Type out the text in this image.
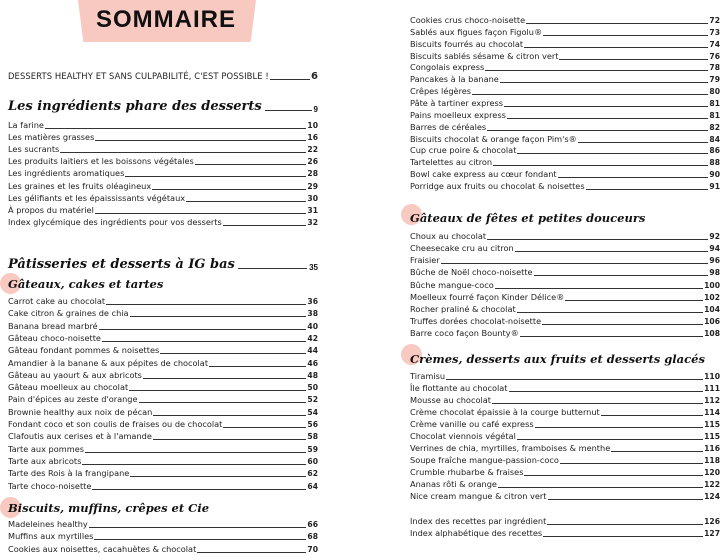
SOMMAIRE
DESSERTS HEALTHY ET SANS CULPABILITÉ, C'EST POSSIBLE !	6
Les ingrédients phare des desserts	9
La farine	10
Les matières grasses	16
Les sucrants	22
Les produits laitiers et les boissons végétales	26
Les ingrédients aromatiques	28
Les graines et les fruits oléagineux	29
Les gélifiants et les épaississants végétaux	30
À propos du matériel	31
Index glycémique des ingrédients pour vos desserts	32
Pâtisseries et desserts à IG bas	35
Gâteaux, cakes et tartes
Carrot cake au chocolat	36
Cake citron & graines de chia	38
Banana bread marbré	40
Gâteau choco-noisette	42
Gâteau fondant pommes & noisettes	44
Amandier à la banane & aux pépites de chocolat	46
Gâteau au yaourt & aux abricots	48
Gâteau moelleux au chocolat	50
Pain d'épices au zeste d'orange	52
Brownie healthy aux noix de pécan	54
Fondant coco et son coulis de fraises ou de chocolat	56
Clafoutis aux cerises et à l'amande	58
Tarte aux pommes	59
Tarte aux abricots	60
Tarte des Rois à la frangipane	62
Tarte choco-noisette	64
Biscuits, muffins, crêpes et Cie
Madeleines healthy	66
Muffins aux myrtilles	68
Cookies aux noisettes, cacahuètes & chocolat	70
Cookies crus choco-noisette	72
Sablés aux figues façon Figolu®	73
Biscuits fourrés au chocolat	74
Biscuits sablés sésame & citron vert	76
Congolais express	78
Pancakes à la banane	79
Crêpes légères	80
Pâte à tartiner express	81
Pains moelleux express	81
Barres de céréales	82
Biscuits chocolat & orange façon Pim's®	84
Cup crue poire & chocolat	86
Tartelettes au citron	88
Bowl cake express au cœur fondant	90
Porridge aux fruits ou chocolat & noisettes	91
Gâteaux de fêtes et petites douceurs
Choux au chocolat	92
Cheesecake cru au citron	94
Fraisier	96
Bûche de Noël choco-noisette	98
Bûche mangue-coco	100
Moelleux fourré façon Kinder Délice®	102
Rocher praliné & chocolat	104
Truffes dorées chocolat-noisette	106
Barre coco façon Bounty®	108
Crèmes, desserts aux fruits et desserts glacés
Tiramisu	110
Île flottante au chocolat	111
Mousse au chocolat	112
Crème chocolat épaissie à la courge butternut	114
Crème vanille ou café express	115
Chocolat viennois végétal	115
Verrines de chia, myrtilles, framboises & menthe	116
Soupe fraîche mangue-passion-coco	118
Crumble rhubarbe & fraises	120
Ananas rôti & orange	122
Nice cream mangue & citron vert	124
Index des recettes par ingrédient	126
Index alphabétique des recettes	127
